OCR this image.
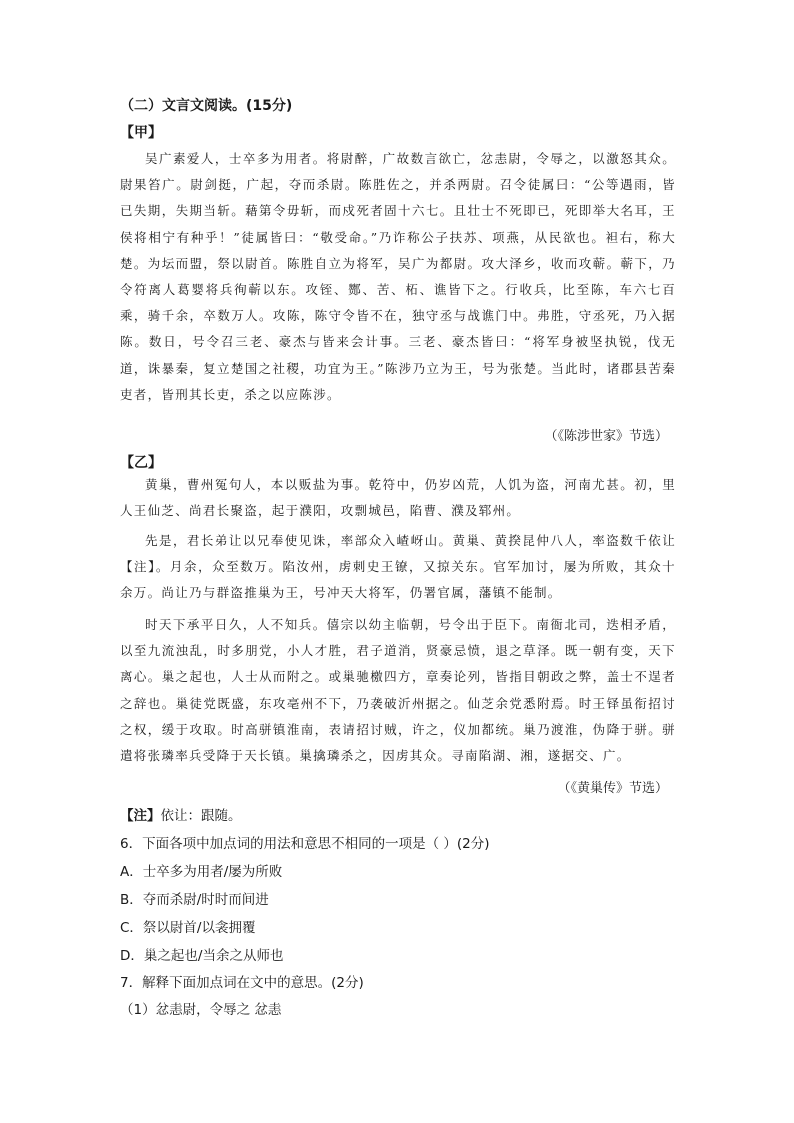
（二）文言文阅读。(15分)
【甲】
吴广素爱人，士卒多为用者。将尉醉，广故数言欲亡，忿恚尉，令辱之，以激怒其众。尉果笞广。尉剑挺，广起，夺而杀尉。陈胜佐之，并杀两尉。召令徒属曰：“公等遇雨，皆已失期，失期当斩。藉第令毋斩，而戍死者固十六七。且壮士不死即已，死即举大名耳，王侯将相宁有种乎！”徒属皆曰：“敬受命。”乃诈称公子扶苏、项燕，从民欲也。袒右，称大楚。为坛而盟，祭以尉首。陈胜自立为将军，吴广为都尉。攻大泽乡，收而攻蕲。蕲下，乃令符离人葛婴将兵徇蕲以东。攻铚、酂、苦、柘、谯皆下之。行收兵，比至陈，车六七百乘，骑千余，卒数万人。攻陈，陈守令皆不在，独守丞与战谯门中。弗胜，守丞死，乃入据陈。数日，号令召三老、豪杰与皆来会计事。三老、豪杰皆曰：“将军身被坚执锐，伐无道，诛暴秦，复立楚国之社稷，功宜为王。”陈涉乃立为王，号为张楚。当此时，诸郡县苦秦吏者，皆刑其长吏，杀之以应陈涉。
（《陈涉世家》节选）
【乙】
黄巢，曹州冤句人，本以贩盐为事。乾符中，仍岁凶荒，人饥为盗，河南尤甚。初，里人王仙芝、尚君长聚盗，起于濮阳，攻剽城邑，陷曹、濮及郓州。
先是，君长弟让以兄奉使见诛，率部众入嵖岈山。黄巢、黄揆昆仲八人，率盗数千依让【注】。月余，众至数万。陷汝州，虏刺史王镣，又掠关东。官军加讨，屡为所败，其众十余万。尚让乃与群盗推巢为王，号冲天大将军，仍署官属，藩镇不能制。
时天下承平日久，人不知兵。僖宗以幼主临朝，号令出于臣下。南衙北司，迭相矛盾，以至九流浊乱，时多朋党，小人才胜，君子道消，贤豪忌愤，退之草泽。既一朝有变，天下离心。巢之起也，人士从而附之。或巢驰檄四方，章奏论列，皆指目朝政之弊，盖士不逞者之辞也。巢徒党既盛，东攻亳州不下，乃袭破沂州据之。仙芝余党悉附焉。时王铎虽衔招讨之权，缓于攻取。时高骈镇淮南，表请招讨贼，许之，仪加都统。巢乃渡淮，伪降于骈。骈遣将张璘率兵受降于天长镇。巢擒璘杀之，因虏其众。寻南陷湖、湘，遂据交、广。
（《黄巢传》节选）
【注】依让：跟随。
6．下面各项中加点词的用法和意思不相同的一项是（ ）(2分)
A．士卒多为用者/屡为所败
B．夺而杀尉/时时而间进
C．祭以尉首/以衾拥覆
D．巢之起也/当余之从师也
7．解释下面加点词在文中的意思。(2分)
（1）忿恚尉，令辱之 忿恚
